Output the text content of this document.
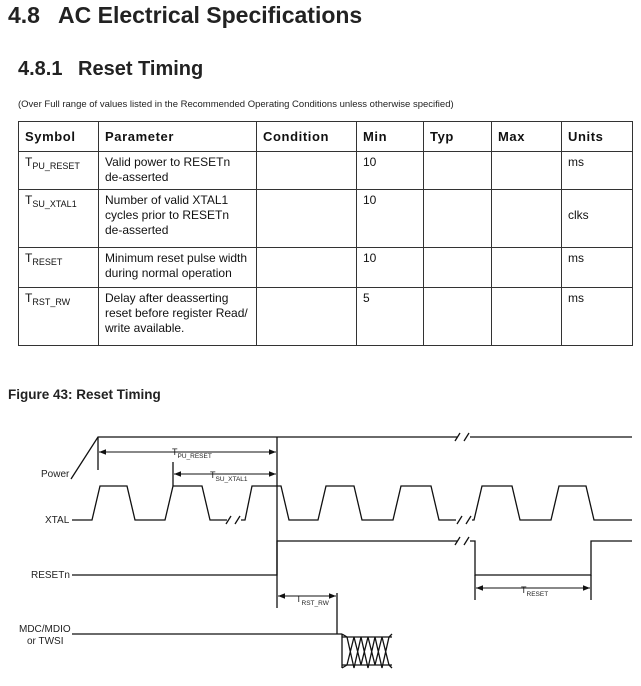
4.8 AC Electrical Specifications
4.8.1 Reset Timing
(Over Full range of values listed in the Recommended Operating Conditions unless otherwise specified)
Symbol	Parameter	Condition	Min	Typ	Max	Units
$T_{PU\_RESET}$	Valid power to RESETn
de-asserted		10			ms
$T_{SU\_XTAL1}$	Number of valid XTAL1
cycles prior to RESETn
de-asserted		10			clks
$T_{RESET}$	Minimum reset pulse width
during normal operation		10			ms
$T_{RST\_RW}$	Delay after deasserting
reset before register Read/
write available.		5			ms
Figure 43: Reset Timing
Power
XTAL
RESETn
MDC/MDIO
or TWSI
$T_{PU\_RESET}$
$T_{SU\_XTAL1}$
$T_{RST\_RW}$
$T_{RESET}$
